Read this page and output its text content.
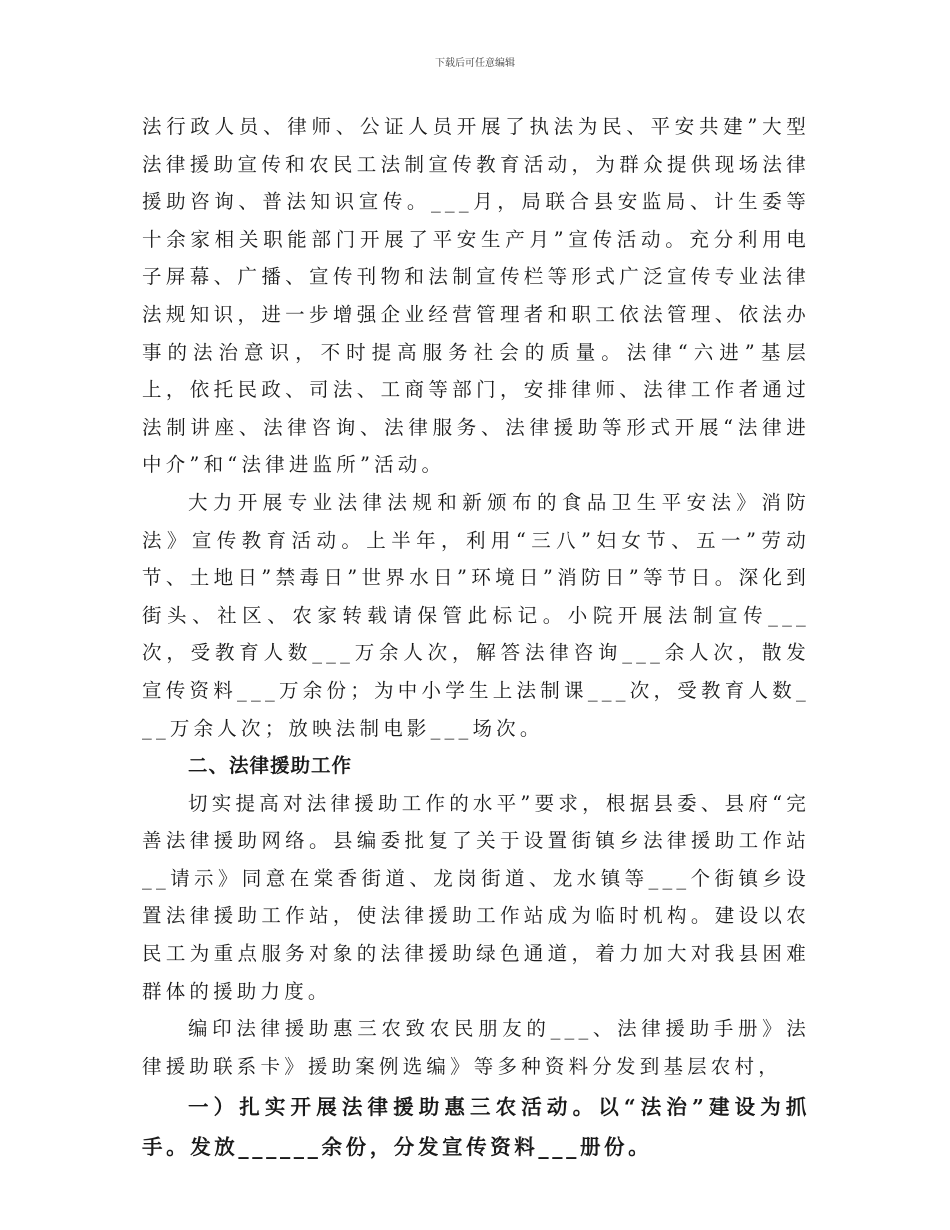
下载后可任意编辑

法行政人员、律师、公证人员开展了执法为民、平安共建”大型法律援助宣传和农民工法制宣传教育活动，为群众提供现场法律援助咨询、普法知识宣传。___月，局联合县安监局、计生委等十余家相关职能部门开展了平安生产月”宣传活动。充分利用电子屏幕、广播、宣传刊物和法制宣传栏等形式广泛宣传专业法律法规知识，进一步增强企业经营管理者和职工依法管理、依法办事的法治意识，不时提高服务社会的质量。法律“六进”基层上，依托民政、司法、工商等部门，安排律师、法律工作者通过法制讲座、法律咨询、法律服务、法律援助等形式开展“法律进中介”和“法律进监所”活动。

大力开展专业法律法规和新颁布的食品卫生平安法》消防法》宣传教育活动。上半年，利用“三八”妇女节、五一”劳动节、土地日”禁毒日”世界水日”环境日”消防日”等节日。深化到街头、社区、农家转载请保管此标记。小院开展法制宣传___次，受教育人数___万余人次，解答法律咨询___余人次，散发宣传资料___万余份；为中小学生上法制课___次，受教育人数___万余人次；放映法制电影___场次。

二、法律援助工作

切实提高对法律援助工作的水平”要求，根据县委、县府“完善法律援助网络。县编委批复了关于设置街镇乡法律援助工作站__请示》同意在棠香街道、龙岗街道、龙水镇等___个街镇乡设置法律援助工作站，使法律援助工作站成为临时机构。建设以农民工为重点服务对象的法律援助绿色通道，着力加大对我县困难群体的援助力度。

编印法律援助惠三农致农民朋友的___、法律援助手册》法律援助联系卡》援助案例选编》等多种资料分发到基层农村，

一）扎实开展法律援助惠三农活动。以“法治”建设为抓手。发放______余份，分发宣传资料___册份。
